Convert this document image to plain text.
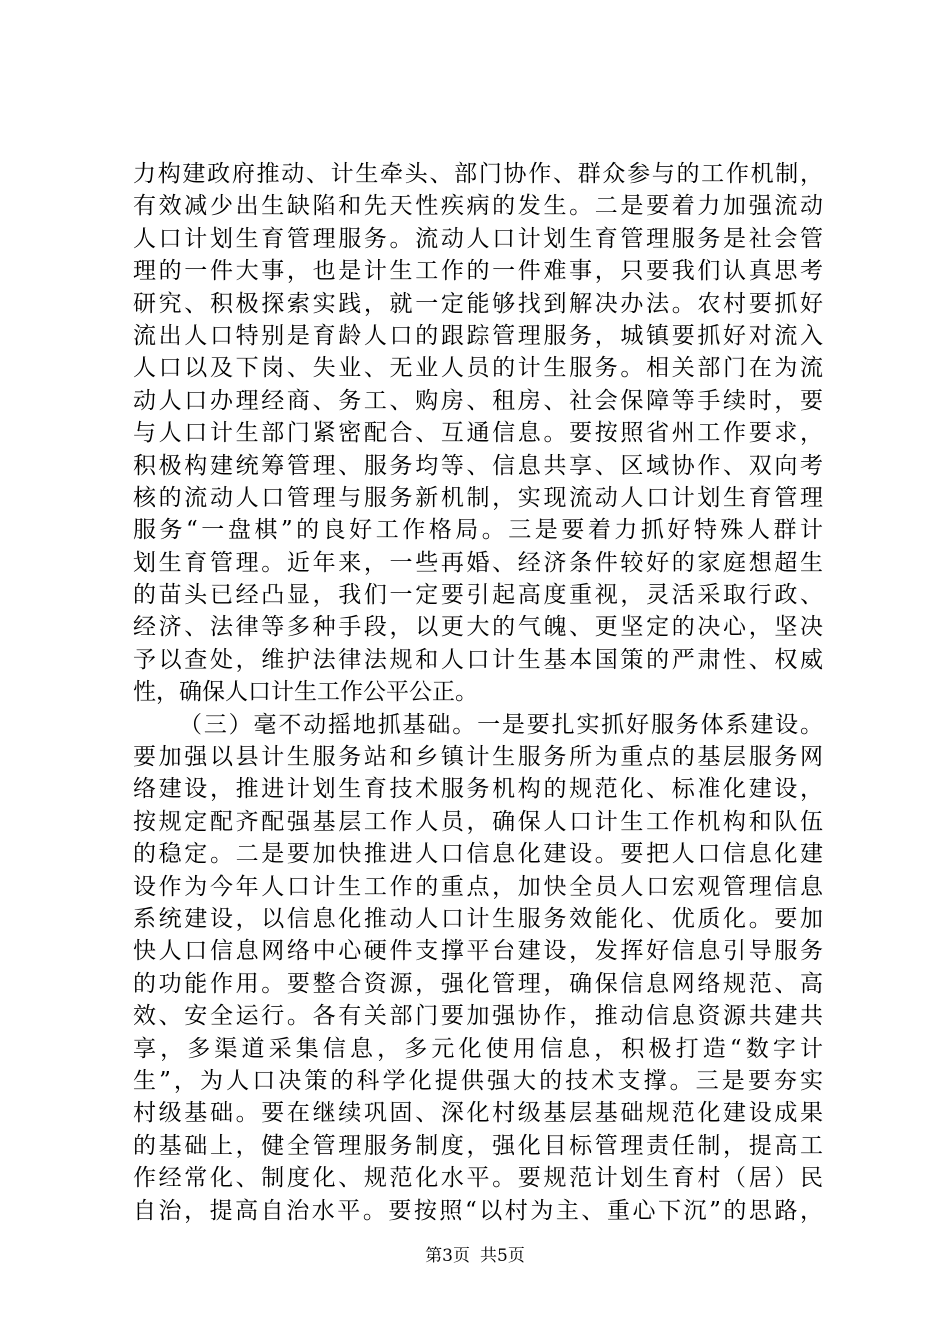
力构建政府推动、计生牵头、部门协作、群众参与的工作机制，
有效减少出生缺陷和先天性疾病的发生。二是要着力加强流动
人口计划生育管理服务。流动人口计划生育管理服务是社会管
理的一件大事，也是计生工作的一件难事，只要我们认真思考
研究、积极探索实践，就一定能够找到解决办法。农村要抓好
流出人口特别是育龄人口的跟踪管理服务，城镇要抓好对流入
人口以及下岗、失业、无业人员的计生服务。相关部门在为流
动人口办理经商、务工、购房、租房、社会保障等手续时，要
与人口计生部门紧密配合、互通信息。要按照省州工作要求，
积极构建统筹管理、服务均等、信息共享、区域协作、双向考
核的流动人口管理与服务新机制，实现流动人口计划生育管理
服务“一盘棋”的良好工作格局。三是要着力抓好特殊人群计
划生育管理。近年来，一些再婚、经济条件较好的家庭想超生
的苗头已经凸显，我们一定要引起高度重视，灵活采取行政、
经济、法律等多种手段，以更大的气魄、更坚定的决心，坚决
予以查处，维护法律法规和人口计生基本国策的严肃性、权威
性，确保人口计生工作公平公正。
（三）毫不动摇地抓基础。一是要扎实抓好服务体系建设。
要加强以县计生服务站和乡镇计生服务所为重点的基层服务网
络建设，推进计划生育技术服务机构的规范化、标准化建设，
按规定配齐配强基层工作人员，确保人口计生工作机构和队伍
的稳定。二是要加快推进人口信息化建设。要把人口信息化建
设作为今年人口计生工作的重点，加快全员人口宏观管理信息
系统建设，以信息化推动人口计生服务效能化、优质化。要加
快人口信息网络中心硬件支撑平台建设，发挥好信息引导服务
的功能作用。要整合资源，强化管理，确保信息网络规范、高
效、安全运行。各有关部门要加强协作，推动信息资源共建共
享，多渠道采集信息，多元化使用信息，积极打造“数字计
生”，为人口决策的科学化提供强大的技术支撑。三是要夯实
村级基础。要在继续巩固、深化村级基层基础规范化建设成果
的基础上，健全管理服务制度，强化目标管理责任制，提高工
作经常化、制度化、规范化水平。要规范计划生育村（居）民
自治，提高自治水平。要按照“以村为主、重心下沉”的思路，
第3页 共5页
